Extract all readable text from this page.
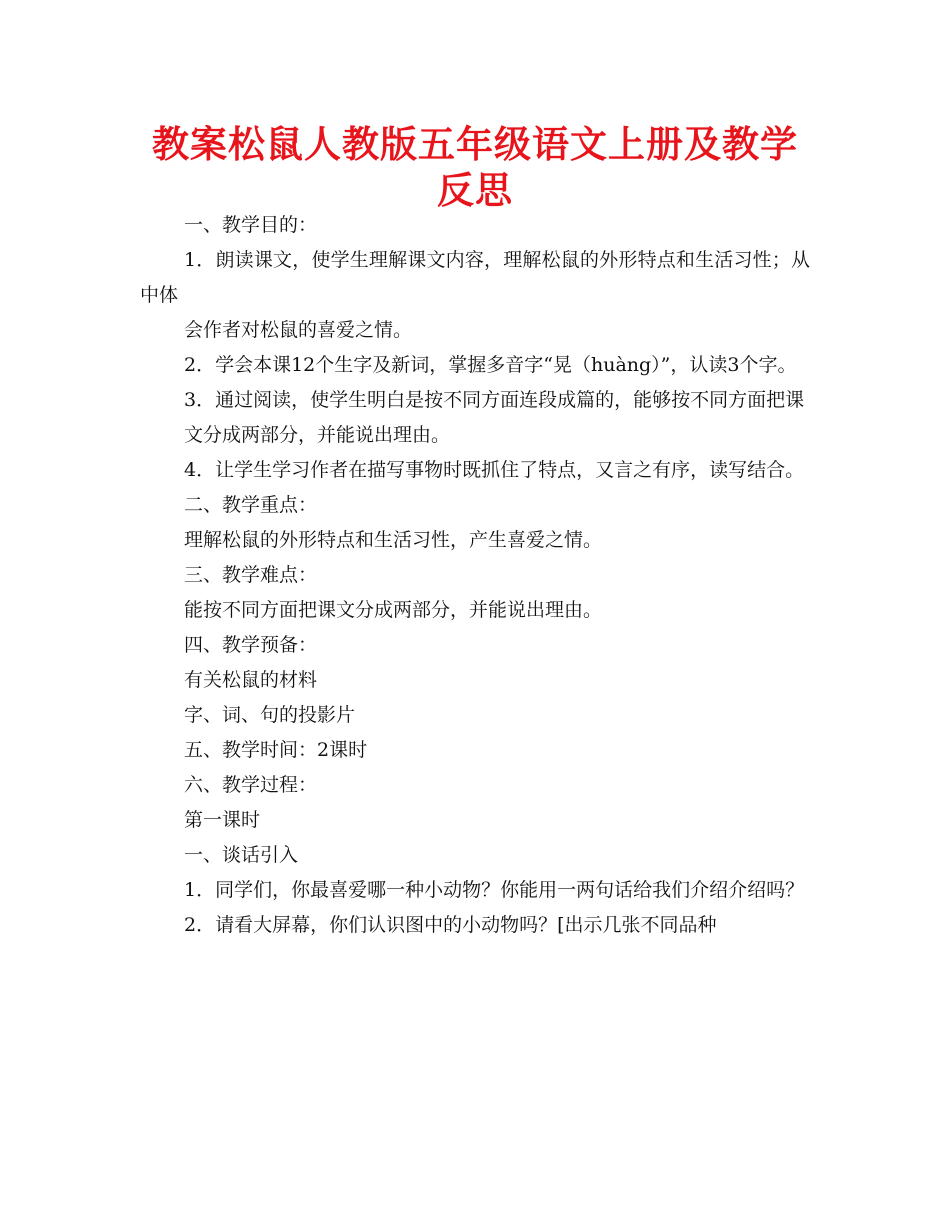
教案松鼠人教版五年级语文上册及教学反思

一、教学目的：

1．朗读课文，使学生理解课文内容，理解松鼠的外形特点和生活习性；从中体

会作者对松鼠的喜爱之情。

2．学会本课12个生字及新词，掌握多音字“晃（huàng）”，认读3个字。

3．通过阅读，使学生明白是按不同方面连段成篇的，能够按不同方面把课

文分成两部分，并能说出理由。

4．让学生学习作者在描写事物时既抓住了特点，又言之有序，读写结合。

二、教学重点：

理解松鼠的外形特点和生活习性，产生喜爱之情。

三、教学难点：

能按不同方面把课文分成两部分，并能说出理由。

四、教学预备：

有关松鼠的材料

字、词、句的投影片

五、教学时间：2课时

六、教学过程：

第一课时

一、谈话引入

1．同学们，你最喜爱哪一种小动物？你能用一两句话给我们介绍介绍吗？

2．请看大屏幕，你们认识图中的小动物吗？[出示几张不同品种
